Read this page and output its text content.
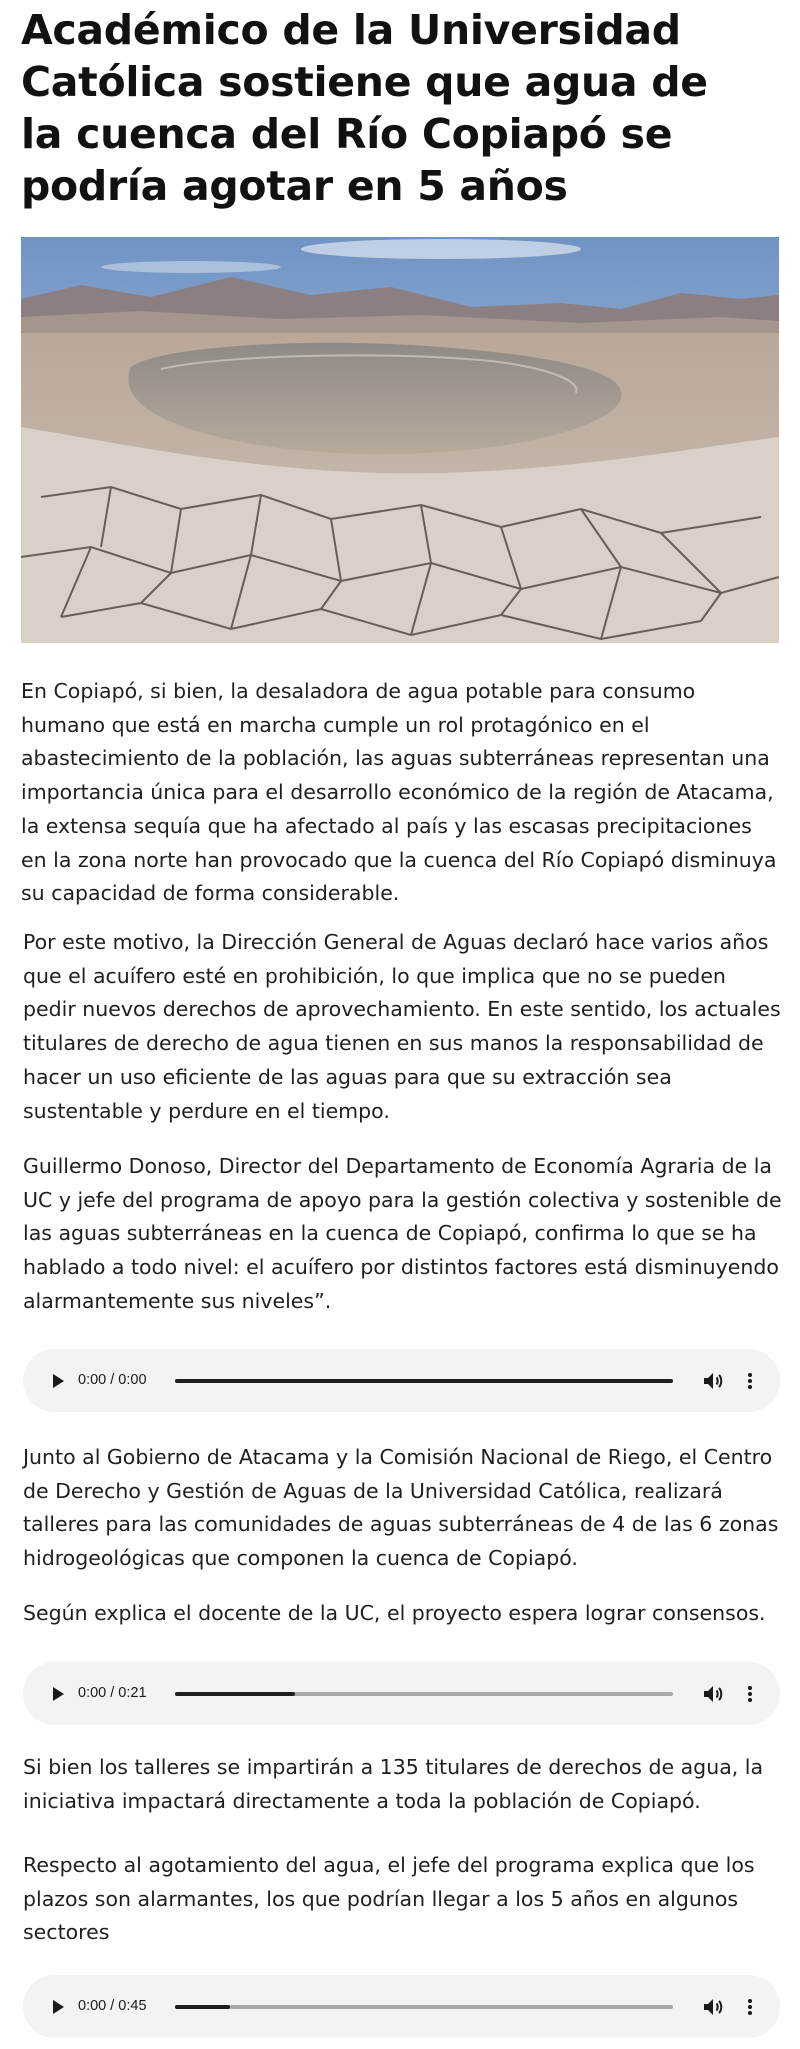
Académico de la Universidad Católica sostiene que agua de la cuenca del Río Copiapó se podría agotar en 5 años

En Copiapó, si bien, la desaladora de agua potable para consumo humano que está en marcha cumple un rol protagónico en el abastecimiento de la población, las aguas subterráneas representan una importancia única para el desarrollo económico de la región de Atacama, la extensa sequía que ha afectado al país y las escasas precipitaciones en la zona norte han provocado que la cuenca del Río Copiapó disminuya su capacidad de forma considerable.

Por este motivo, la Dirección General de Aguas declaró hace varios años que el acuífero esté en prohibición, lo que implica que no se pueden pedir nuevos derechos de aprovechamiento. En este sentido, los actuales titulares de derecho de agua tienen en sus manos la responsabilidad de hacer un uso eficiente de las aguas para que su extracción sea sustentable y perdure en el tiempo.

Guillermo Donoso, Director del Departamento de Economía Agraria de la UC y jefe del programa de apoyo para la gestión colectiva y sostenible de las aguas subterráneas en la cuenca de Copiapó, confirma lo que se ha hablado a todo nivel: el acuífero por distintos factores está disminuyendo alarmantemente sus niveles”.

0:00 / 0:00

Junto al Gobierno de Atacama y la Comisión Nacional de Riego, el Centro de Derecho y Gestión de Aguas de la Universidad Católica, realizará talleres para las comunidades de aguas subterráneas de 4 de las 6 zonas hidrogeológicas que componen la cuenca de Copiapó.

Según explica el docente de la UC, el proyecto espera lograr consensos.

0:00 / 0:21

Si bien los talleres se impartirán a 135 titulares de derechos de agua, la iniciativa impactará directamente a toda la población de Copiapó.

Respecto al agotamiento del agua, el jefe del programa explica que los plazos son alarmantes, los que podrían llegar a los 5 años en algunos sectores

0:00 / 0:45
